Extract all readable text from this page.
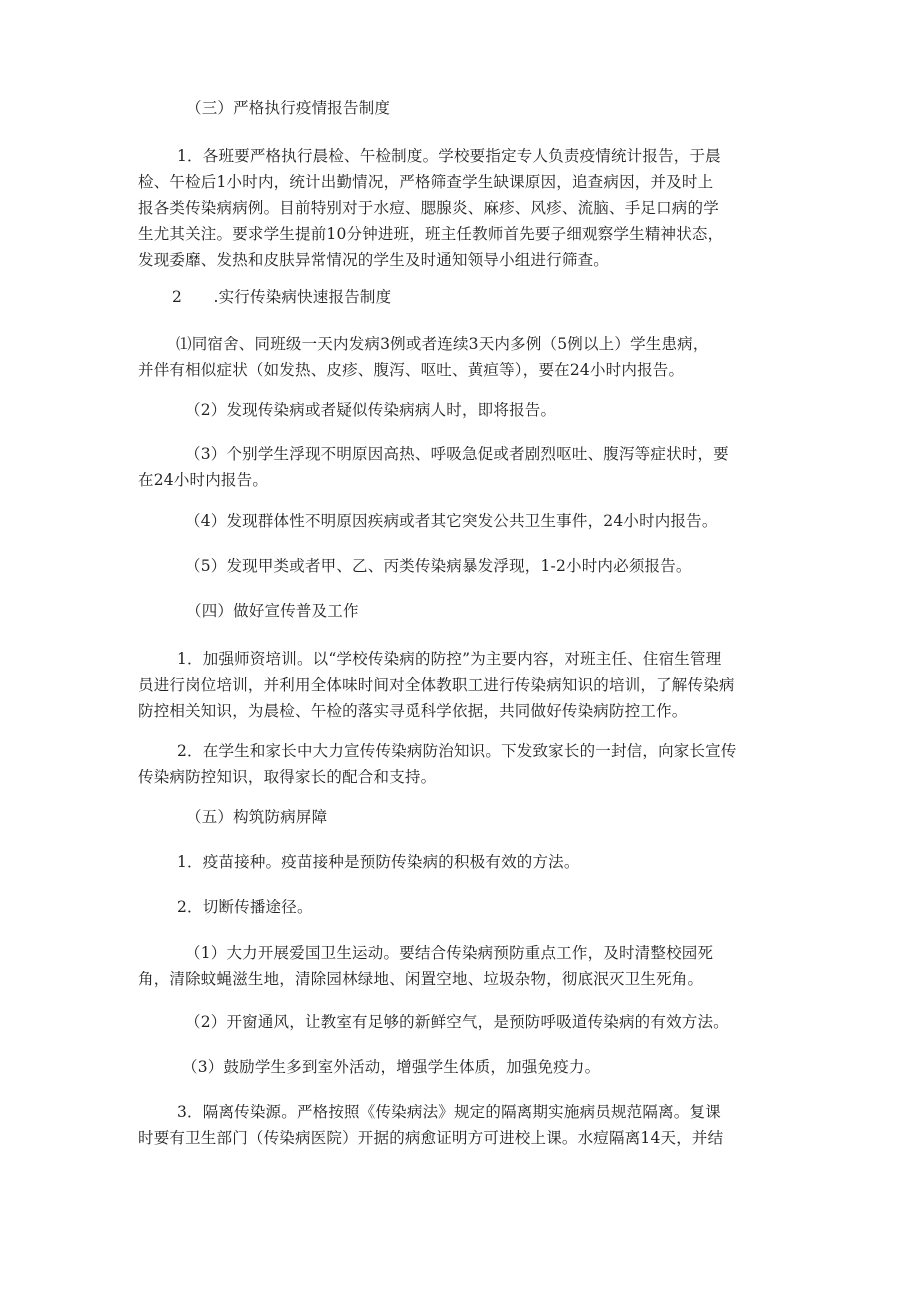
（三）严格执行疫情报告制度
1．各班要严格执行晨检、午检制度。学校要指定专人负责疫情统计报告，于晨
检、午检后1小时内，统计出勤情况，严格筛查学生缺课原因，追查病因，并及时上
报各类传染病病例。目前特别对于水痘、腮腺炎、麻疹、风疹、流脑、手足口病的学
生尤其关注。要求学生提前10分钟进班，班主任教师首先要子细观察学生精神状态，
发现委靡、发热和皮肤异常情况的学生及时通知领导小组进行筛查。
2　　.实行传染病快速报告制度
⑴同宿舍、同班级一天内发病3例或者连续3天内多例（5例以上）学生患病，
并伴有相似症状（如发热、皮疹、腹泻、呕吐、黄疸等），要在24小时内报告。
（2）发现传染病或者疑似传染病病人时，即将报告。
（3）个别学生浮现不明原因高热、呼吸急促或者剧烈呕吐、腹泻等症状时，要
在24小时内报告。
（4）发现群体性不明原因疾病或者其它突发公共卫生事件，24小时内报告。
（5）发现甲类或者甲、乙、丙类传染病暴发浮现，1-2小时内必须报告。
（四）做好宣传普及工作
1．加强师资培训。以“学校传染病的防控”为主要内容，对班主任、住宿生管理
员进行岗位培训，并利用全体味时间对全体教职工进行传染病知识的培训，了解传染病
防控相关知识，为晨检、午检的落实寻觅科学依据，共同做好传染病防控工作。
2．在学生和家长中大力宣传传染病防治知识。下发致家长的一封信，向家长宣传
传染病防控知识，取得家长的配合和支持。
（五）构筑防病屏障
1．疫苗接种。疫苗接种是预防传染病的积极有效的方法。
2．切断传播途径。
（1）大力开展爱国卫生运动。要结合传染病预防重点工作，及时清整校园死
角，清除蚊蝇滋生地，清除园林绿地、闲置空地、垃圾杂物，彻底泯灭卫生死角。
（2）开窗通风，让教室有足够的新鲜空气，是预防呼吸道传染病的有效方法。
（3）鼓励学生多到室外活动，增强学生体质，加强免疫力。
3．隔离传染源。严格按照《传染病法》规定的隔离期实施病员规范隔离。复课
时要有卫生部门（传染病医院）开据的病愈证明方可进校上课。水痘隔离14天，并结
